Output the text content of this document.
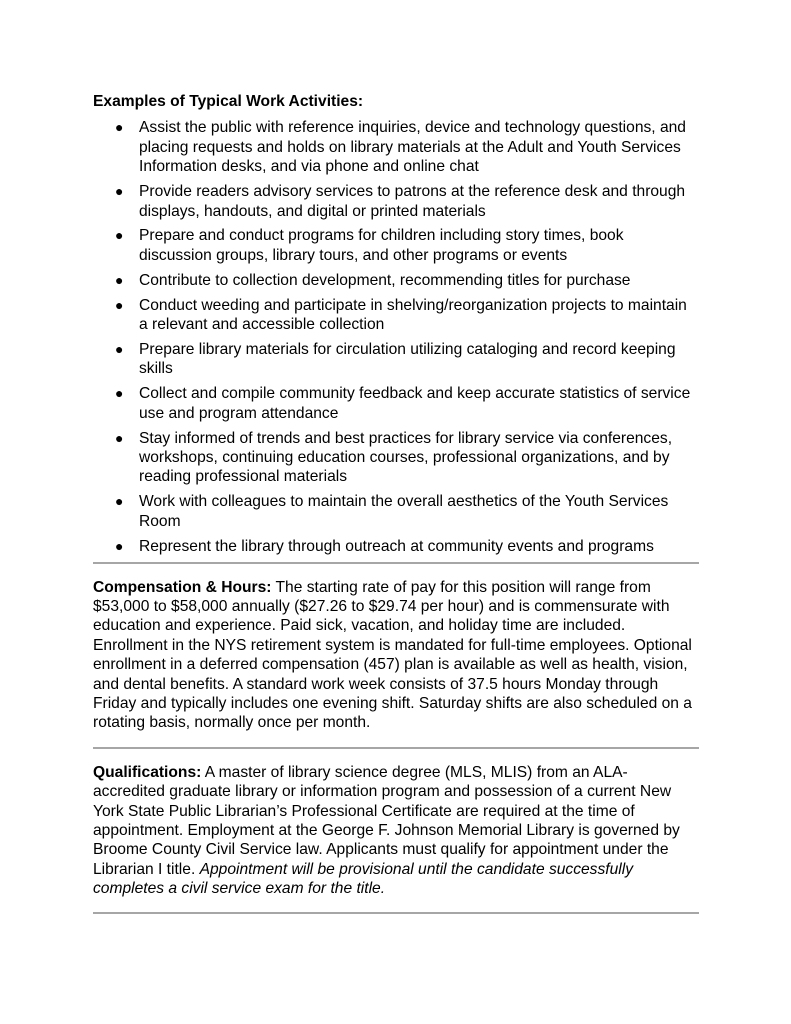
Examples of Typical Work Activities:

● Assist the public with reference inquiries, device and technology questions, and placing requests and holds on library materials at the Adult and Youth Services Information desks, and via phone and online chat
● Provide readers advisory services to patrons at the reference desk and through displays, handouts, and digital or printed materials
● Prepare and conduct programs for children including story times, book discussion groups, library tours, and other programs or events
● Contribute to collection development, recommending titles for purchase
● Conduct weeding and participate in shelving/reorganization projects to maintain a relevant and accessible collection
● Prepare library materials for circulation utilizing cataloging and record keeping skills
● Collect and compile community feedback and keep accurate statistics of service use and program attendance
● Stay informed of trends and best practices for library service via conferences, workshops, continuing education courses, professional organizations, and by reading professional materials
● Work with colleagues to maintain the overall aesthetics of the Youth Services Room
● Represent the library through outreach at community events and programs

Compensation & Hours: The starting rate of pay for this position will range from $53,000 to $58,000 annually ($27.26 to $29.74 per hour) and is commensurate with education and experience. Paid sick, vacation, and holiday time are included. Enrollment in the NYS retirement system is mandated for full-time employees. Optional enrollment in a deferred compensation (457) plan is available as well as health, vision, and dental benefits. A standard work week consists of 37.5 hours Monday through Friday and typically includes one evening shift. Saturday shifts are also scheduled on a rotating basis, normally once per month.

Qualifications: A master of library science degree (MLS, MLIS) from an ALA-accredited graduate library or information program and possession of a current New York State Public Librarian’s Professional Certificate are required at the time of appointment. Employment at the George F. Johnson Memorial Library is governed by Broome County Civil Service law. Applicants must qualify for appointment under the Librarian I title. Appointment will be provisional until the candidate successfully completes a civil service exam for the title.
